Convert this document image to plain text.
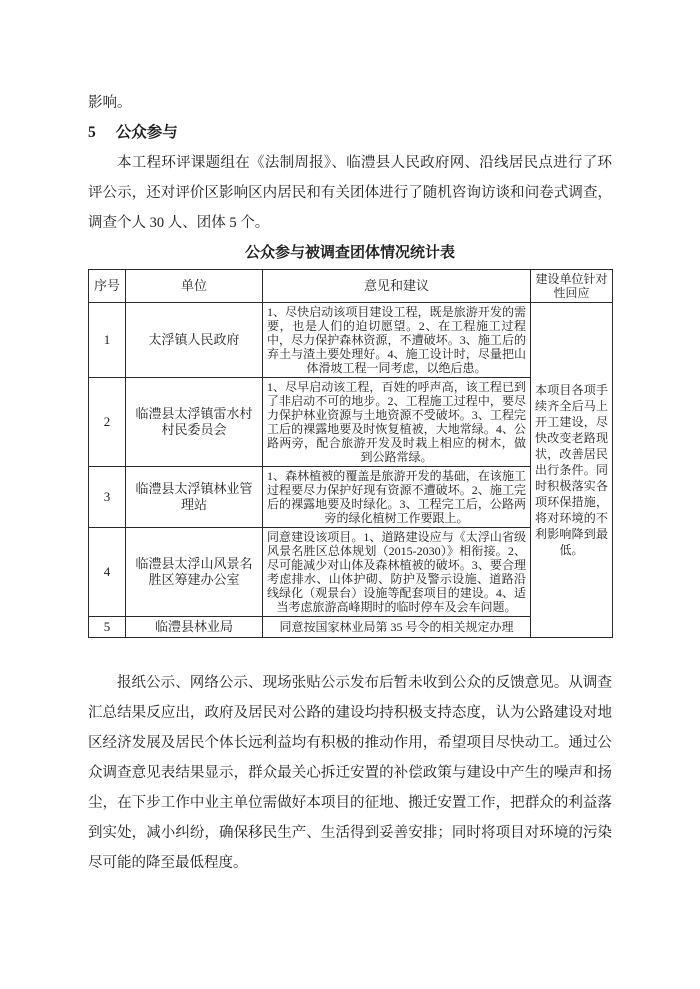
影响。

5 公众参与

本工程环评课题组在《法制周报》、临澧县人民政府网、沿线居民点进行了环评公示，还对评价区影响区内居民和有关团体进行了随机咨询访谈和问卷式调查，调查个人 30 人、团体 5 个。

公众参与被调查团体情况统计表
序号	单位	意见和建议	建设单位针对性回应
1	太浮镇人民政府	1、尽快启动该项目建设工程，既是旅游开发的需要，也是人们的迫切愿望。2、在工程施工过程中，尽力保护森林资源，不遭破坏。3、施工后的弃土与渣土要处理好。4、施工设计时，尽量把山体滑坡工程一同考虑，以绝后患。	本项目各项手续齐全后马上开工建设，尽快改变老路现状，改善居民出行条件。同时积极落实各项环保措施，将对环境的不利影响降到最低。
2	临澧县太浮镇雷水村村民委员会	1、尽早启动该工程，百姓的呼声高，该工程已到了非启动不可的地步。2、工程施工过程中，要尽力保护林业资源与土地资源不受破坏。3、工程完工后的裸露地要及时恢复植被，大地常绿。4、公路两旁，配合旅游开发及时栽上相应的树木，做到公路常绿。	
3	临澧县太浮镇林业管理站	1、森林植被的覆盖是旅游开发的基础，在该施工过程要尽力保护好现有资源不遭破坏。2、施工完后的裸露地要及时绿化。3、工程完工后，公路两旁的绿化植树工作要跟上。	
4	临澧县太浮山风景名胜区筹建办公室	同意建设该项目。1、道路建设应与《太浮山省级风景名胜区总体规划（2015-2030）》相衔接。2、尽可能减少对山体及森林植被的破坏。3、要合理考虑排水、山体护砌、防护及警示设施、道路沿线绿化（观景台）设施等配套项目的建设。4、适当考虑旅游高峰期时的临时停车及会车问题。	
5	临澧县林业局	同意按国家林业局第 35 号令的相关规定办理	

报纸公示、网络公示、现场张贴公示发布后暂未收到公众的反馈意见。从调查汇总结果反应出，政府及居民对公路的建设均持积极支持态度，认为公路建设对地区经济发展及居民个体长远利益均有积极的推动作用，希望项目尽快动工。通过公众调查意见表结果显示，群众最关心拆迁安置的补偿政策与建设中产生的噪声和扬尘，在下步工作中业主单位需做好本项目的征地、搬迁安置工作，把群众的利益落到实处，减小纠纷，确保移民生产、生活得到妥善安排；同时将项目对环境的污染尽可能的降至最低程度。
